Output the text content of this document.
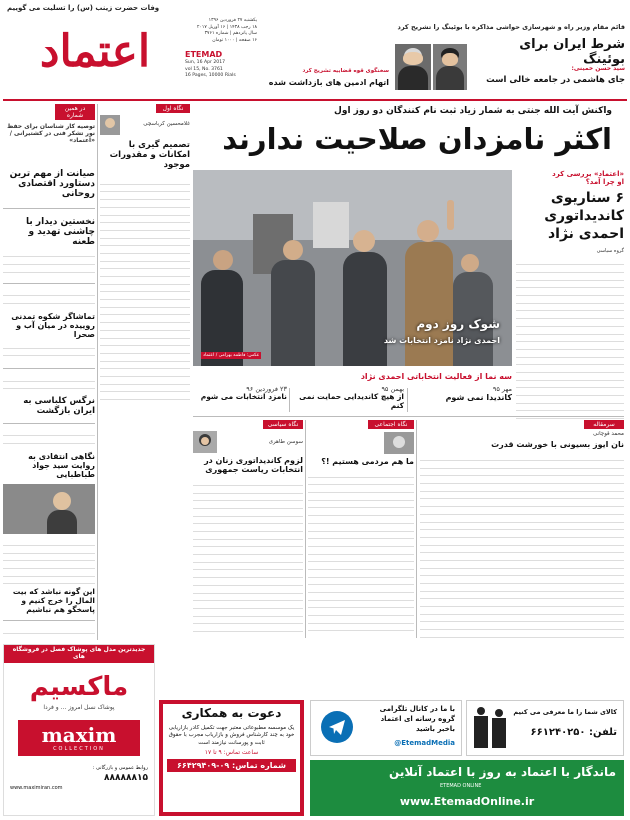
وفات حضرت زینب (س) را تسلیت می گوییم
اعتماد
یکشنبه ۲۷ فروردین ۱۳۹۶
۱۸ رجب ۱۴۳۸ | ۱۶ آوریل ۲۰۱۷
سال پانزدهم | شماره ۳۷۶۱
۱۶ صفحه | ۱۰۰۰ تومان
ETEMAD
Sun, 16 Apr 2017
vol 15, No. 3761
16 Pages, 10000 Rials
سخنگوی قوه قضاییه تشریح کرد
اتهام ادمین های بازداشت شده
قائم مقام وزیر راه و شهرسازی حواشی مذاکره با بوئینگ را تشریح کرد
شرط ایران برای بوئینگ
سید حسن خمینی:
جای هاشمی در جامعه خالی است
در همین شماره
توصیه کار شناسان برای حفظ نور تشکر فنی در کشتیرانی / «اعتماد»
صیانت از مهم ترین دستاورد اقتصادی روحانی
نخستین دیدار با چاشنی تهدید و طعنه

تماشاگر شکوه تمدنی روییده در میان آب و صحرا

نرگس کلباسی به ایران بازگشت

نگاهی انتقادی به روایت سید جواد طباطبایی

این گونه نباشد که بیت المال را خرج کنیم و پاسخگو هم نباشیم

نگاه اول
غلامحسین کرباسچی
تصمیم گیری با امکانات و مقدورات موجود

واکنش آیت الله جنتی به شمار زیاد ثبت نام کنندگان دو روز اول
اکثر نامزدان صلاحیت ندارند
شوک روز دوم
احمدی نژاد نامزد انتخابات شد
عکس: فاطمه بهرامی / اعتماد
«اعتماد» بررسی کرد
او چرا آمد؟
۶ سناریوی کاندیداتوری احمدی نژاد
گروه سیاسی

سه نما از فعالیت انتخاباتی احمدی نژاد
مهر ۹۵
کاندیدا نمی شوم
بهمن ۹۵
از هیچ کاندیدایی حمایت نمی کنم
۲۳ فروردین ۹۶
نامزد انتخابات می شوم
نگاه سیاسی
سوسن طاهری
لزوم کاندیداتوری زنان در انتخابات ریاست جمهوری

نگاه اجتماعی
ما هم مردمی هستیم !؟

سرمقاله
محمد قوچانی
نان ایوز بسیونی با خورشت قدرت

جدیدترین مدل های پوشاک فصل در فروشگاه های
ماکسیم
پوشاک نسل امروز ... و فردا
maxim
COLLECTION
روابط عمومی و بازرگانی :
۸۸۸۸۸۸۱۵
www.maximiran.com
دعوت به همکاری
یک موسسه مطبوعاتی معتبر جهت تکمیل کادر بازاریابی خود به چند کارشناس فروش و بازاریاب مجرب با حقوق ثابت و پورسانت نیازمند است
ساعت تماس: ۹ تا ۱۷
شماره تماس: ۰۹-۶۶۴۲۹۴۰۹
با ما در کانال تلگرامی
گروه رسانه ای اعتماد
باخبر باشید
@EtemadMedia
کالای شما را ما معرفی می کنیم
تلفن: ۶۶۱۲۴۰۲۵۰
ماندگار با اعتماد به روز با اعتماد آنلاین
ETEMAD ONLINE
www.EtemadOnline.ir
